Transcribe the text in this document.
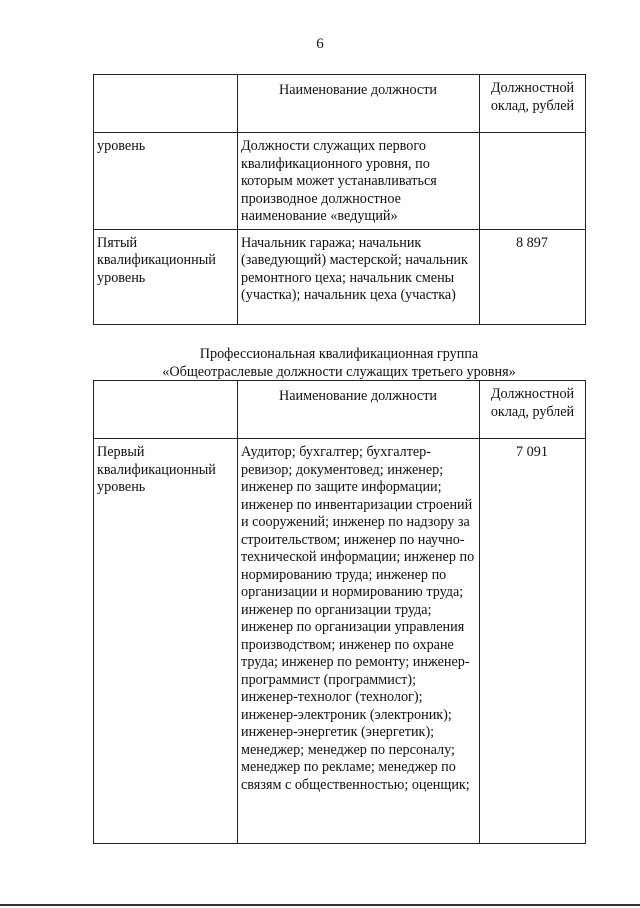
6
	Наименование должности	Должностной оклад, рублей
уровень	Должности служащих первого квалификационного уровня, по которым может устанавливаться производное должностное наименование «ведущий»	
Пятый квалификационный уровень	Начальник гаража; начальник (заведующий) мастерской; начальник ремонтного цеха; начальник смены (участка); начальник цеха (участка)	8 897
Профессиональная квалификационная группа
«Общеотраслевые должности служащих третьего уровня»
	Наименование должности	Должностной оклад, рублей
Первый квалификационный уровень	Аудитор; бухгалтер; бухгалтер-ревизор; документовед; инженер; инженер по защите информации; инженер по инвентаризации строений и сооружений; инженер по надзору за строительством; инженер по научно-технической информации; инженер по нормированию труда; инженер по организации и нормированию труда; инженер по организации труда; инженер по организации управления производством; инженер по охране труда; инженер по ремонту; инженер-программист (программист); инженер-технолог (технолог); инженер-электроник (электроник); инженер-энергетик (энергетик); менеджер; менеджер по персоналу; менеджер по рекламе; менеджер по связям с общественностью; оценщик;	7 091
